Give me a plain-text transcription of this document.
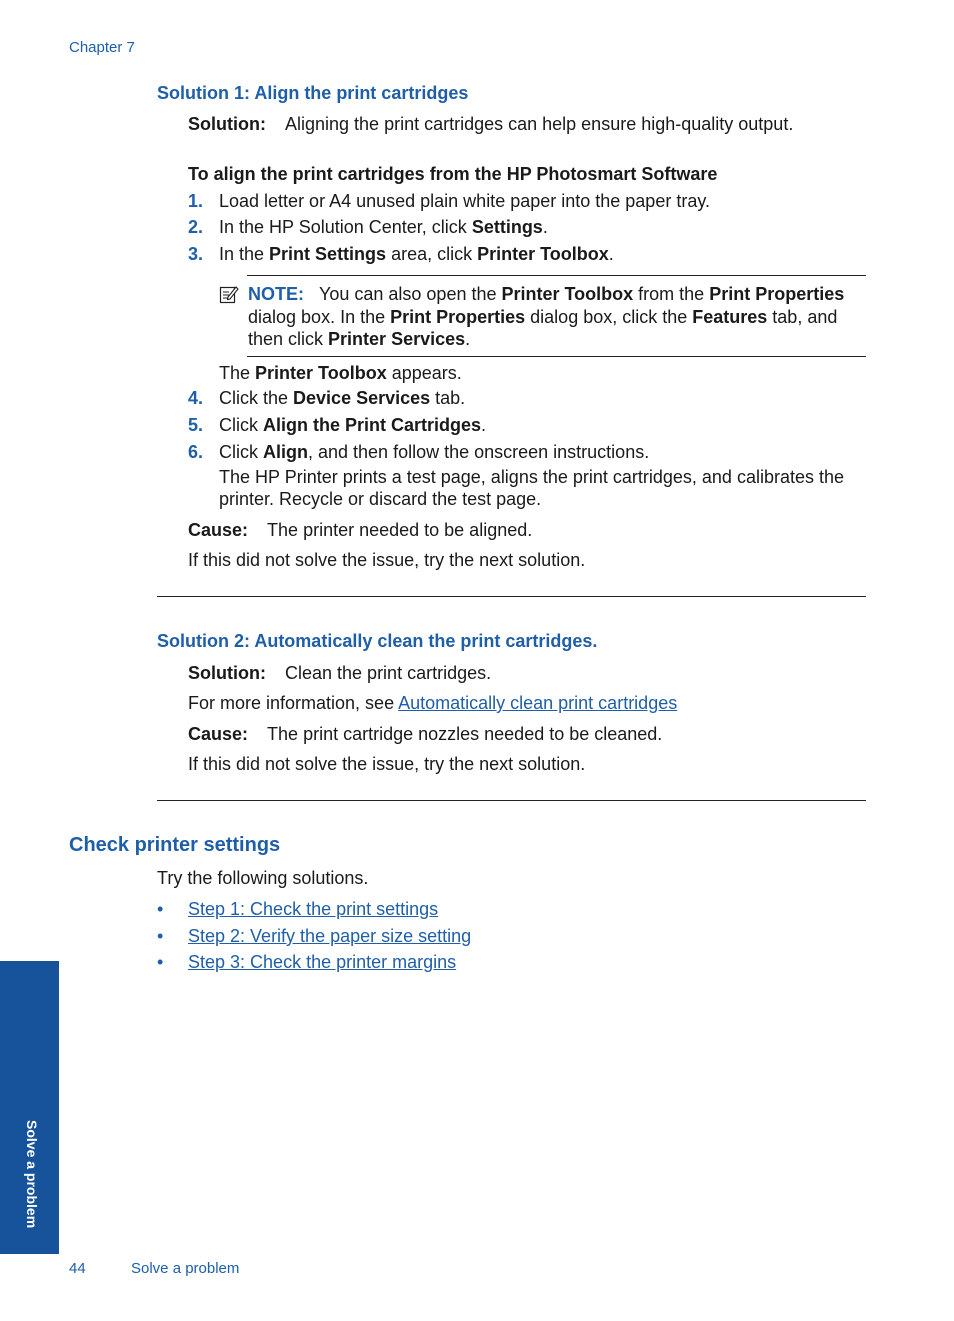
Chapter 7
Solution 1: Align the print cartridges
Solution: Aligning the print cartridges can help ensure high-quality output.
To align the print cartridges from the HP Photosmart Software
1. Load letter or A4 unused plain white paper into the paper tray.
2. In the HP Solution Center, click Settings.
3. In the Print Settings area, click Printer Toolbox.
NOTE: You can also open the Printer Toolbox from the Print Properties
dialog box. In the Print Properties dialog box, click the Features tab, and
then click Printer Services.
The Printer Toolbox appears.
4. Click the Device Services tab.
5. Click Align the Print Cartridges.
6. Click Align, and then follow the onscreen instructions.
The HP Printer prints a test page, aligns the print cartridges, and calibrates the
printer. Recycle or discard the test page.
Cause: The printer needed to be aligned.
If this did not solve the issue, try the next solution.
Solution 2: Automatically clean the print cartridges.
Solution: Clean the print cartridges.
For more information, see Automatically clean print cartridges
Cause: The print cartridge nozzles needed to be cleaned.
If this did not solve the issue, try the next solution.
Check printer settings
Try the following solutions.
• Step 1: Check the print settings
• Step 2: Verify the paper size setting
• Step 3: Check the printer margins
Solve a problem
44	Solve a problem
